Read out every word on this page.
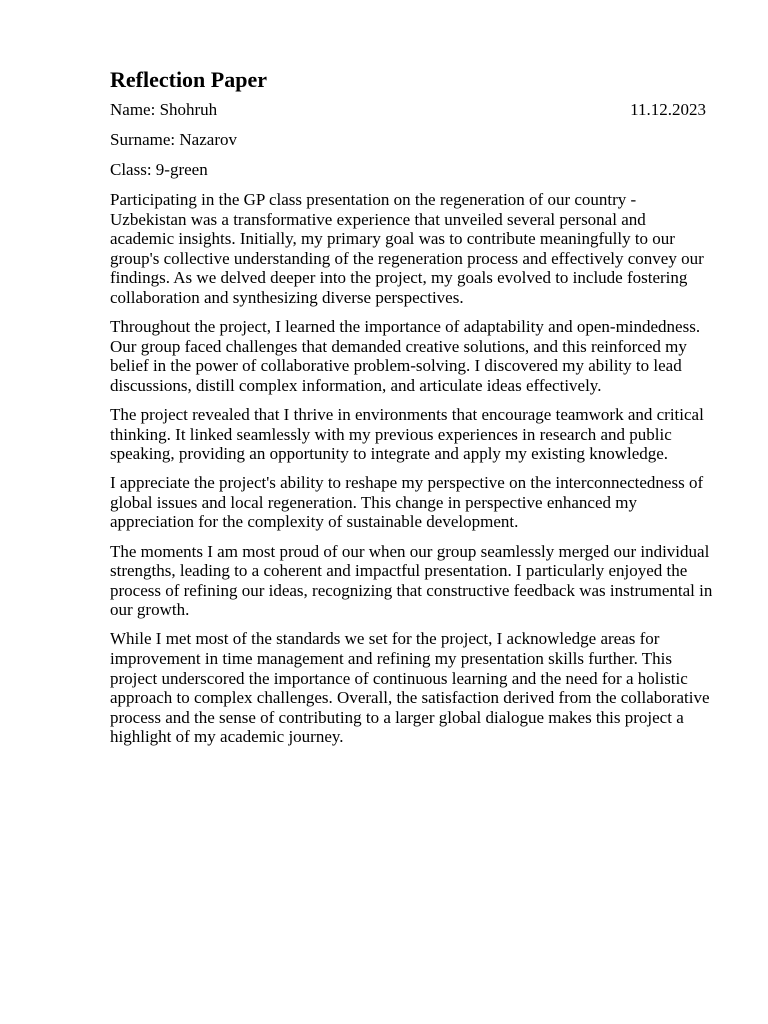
Reflection Paper
Name: Shohruh	11.12.2023
Surname: Nazarov
Class: 9-green

Participating in the GP class presentation on the regeneration of our country - Uzbekistan was a transformative experience that unveiled several personal and academic insights. Initially, my primary goal was to contribute meaningfully to our group's collective understanding of the regeneration process and effectively convey our findings. As we delved deeper into the project, my goals evolved to include fostering collaboration and synthesizing diverse perspectives.

Throughout the project, I learned the importance of adaptability and open-mindedness. Our group faced challenges that demanded creative solutions, and this reinforced my belief in the power of collaborative problem-solving. I discovered my ability to lead discussions, distill complex information, and articulate ideas effectively.

The project revealed that I thrive in environments that encourage teamwork and critical thinking. It linked seamlessly with my previous experiences in research and public speaking, providing an opportunity to integrate and apply my existing knowledge.

I appreciate the project's ability to reshape my perspective on the interconnectedness of global issues and local regeneration. This change in perspective enhanced my appreciation for the complexity of sustainable development.

The moments I am most proud of our when our group seamlessly merged our individual strengths, leading to a coherent and impactful presentation. I particularly enjoyed the process of refining our ideas, recognizing that constructive feedback was instrumental in our growth.

While I met most of the standards we set for the project, I acknowledge areas for improvement in time management and refining my presentation skills further. This project underscored the importance of continuous learning and the need for a holistic approach to complex challenges. Overall, the satisfaction derived from the collaborative process and the sense of contributing to a larger global dialogue makes this project a highlight of my academic journey.
